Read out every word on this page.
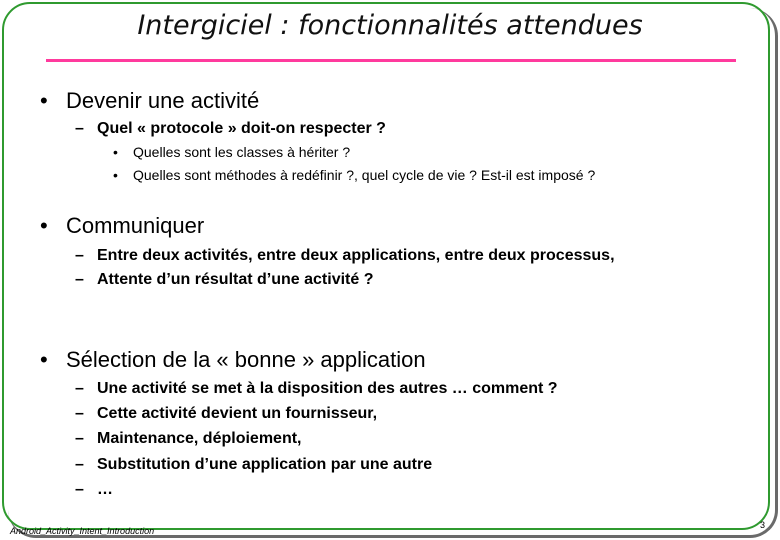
Intergiciel : fonctionnalités attendues
• Devenir une activité
– Quel « protocole » doit-on respecter ?
•	Quelles sont les classes à hériter ?
•	Quelles sont méthodes à redéfinir ?, quel cycle de vie ? Est-il est imposé ?
• Communiquer
– Entre deux activités, entre deux applications, entre deux processus,
– Attente d’un résultat d’une activité ?
• Sélection de la « bonne » application
– Une activité se met à la disposition des autres … comment ?
– Cette activité devient un fournisseur,
– Maintenance, déploiement,
– Substitution d’une application par une autre
– …
Android_Activity_Intent_Introduction
3
